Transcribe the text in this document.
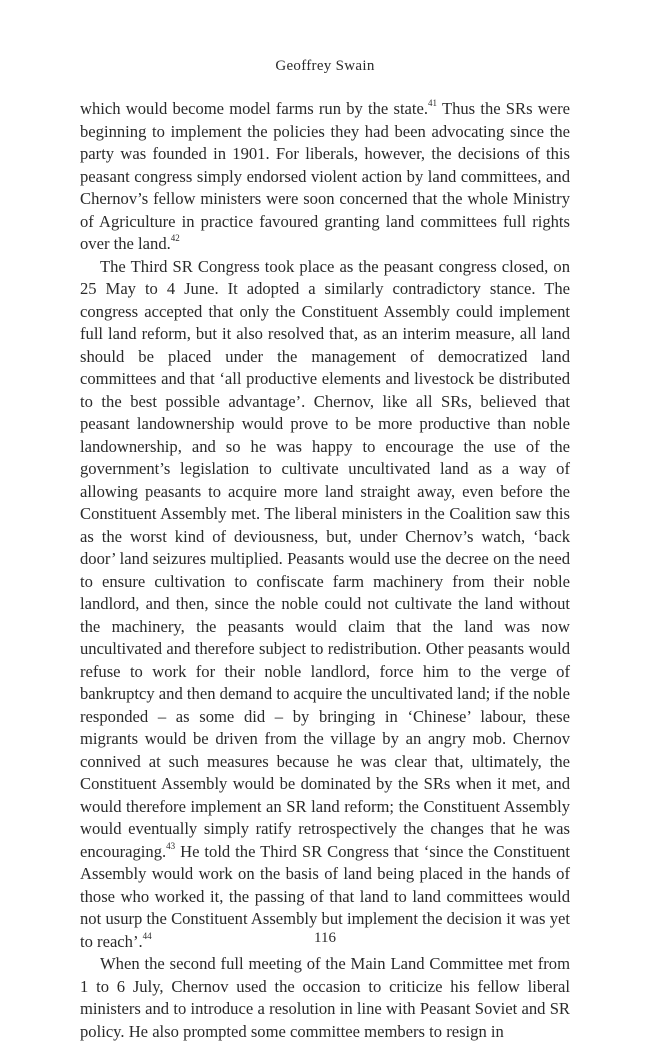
Geoffrey Swain

which would become model farms run by the state.$^{41}$ Thus the SRs were beginning to implement the policies they had been advocating since the party was founded in 1901. For liberals, however, the decisions of this peasant congress simply endorsed violent action by land committees, and Chernov’s fellow ministers were soon concerned that the whole Ministry of Agriculture in practice favoured granting land committees full rights over the land.$^{42}$

The Third SR Congress took place as the peasant congress closed, on 25 May to 4 June. It adopted a similarly contradictory stance. The congress accepted that only the Constituent Assembly could implement full land reform, but it also resolved that, as an interim measure, all land should be placed under the management of democratized land committees and that ‘all productive elements and livestock be distributed to the best possible advantage’. Chernov, like all SRs, believed that peasant landownership would prove to be more productive than noble landownership, and so he was happy to encourage the use of the government’s legislation to cultivate uncultivated land as a way of allowing peasants to acquire more land straight away, even before the Constituent Assembly met. The liberal ministers in the Coalition saw this as the worst kind of deviousness, but, under Chernov’s watch, ‘back door’ land seizures multiplied. Peasants would use the decree on the need to ensure cultivation to confiscate farm machinery from their noble landlord, and then, since the noble could not cultivate the land without the machinery, the peasants would claim that the land was now uncultivated and therefore subject to redistribution. Other peasants would refuse to work for their noble landlord, force him to the verge of bankruptcy and then demand to acquire the uncultivated land; if the noble responded – as some did – by bringing in ‘Chinese’ labour, these migrants would be driven from the village by an angry mob. Chernov connived at such measures because he was clear that, ultimately, the Constituent Assembly would be dominated by the SRs when it met, and would therefore implement an SR land reform; the Constituent Assembly would eventually simply ratify retrospectively the changes that he was encouraging.$^{43}$ He told the Third SR Congress that ‘since the Constituent Assembly would work on the basis of land being placed in the hands of those who worked it, the passing of that land to land committees would not usurp the Constituent Assembly but implement the decision it was yet to reach’.$^{44}$

When the second full meeting of the Main Land Committee met from 1 to 6 July, Chernov used the occasion to criticize his fellow liberal ministers and to introduce a resolution in line with Peasant Soviet and SR policy. He also prompted some committee members to resign in

116
